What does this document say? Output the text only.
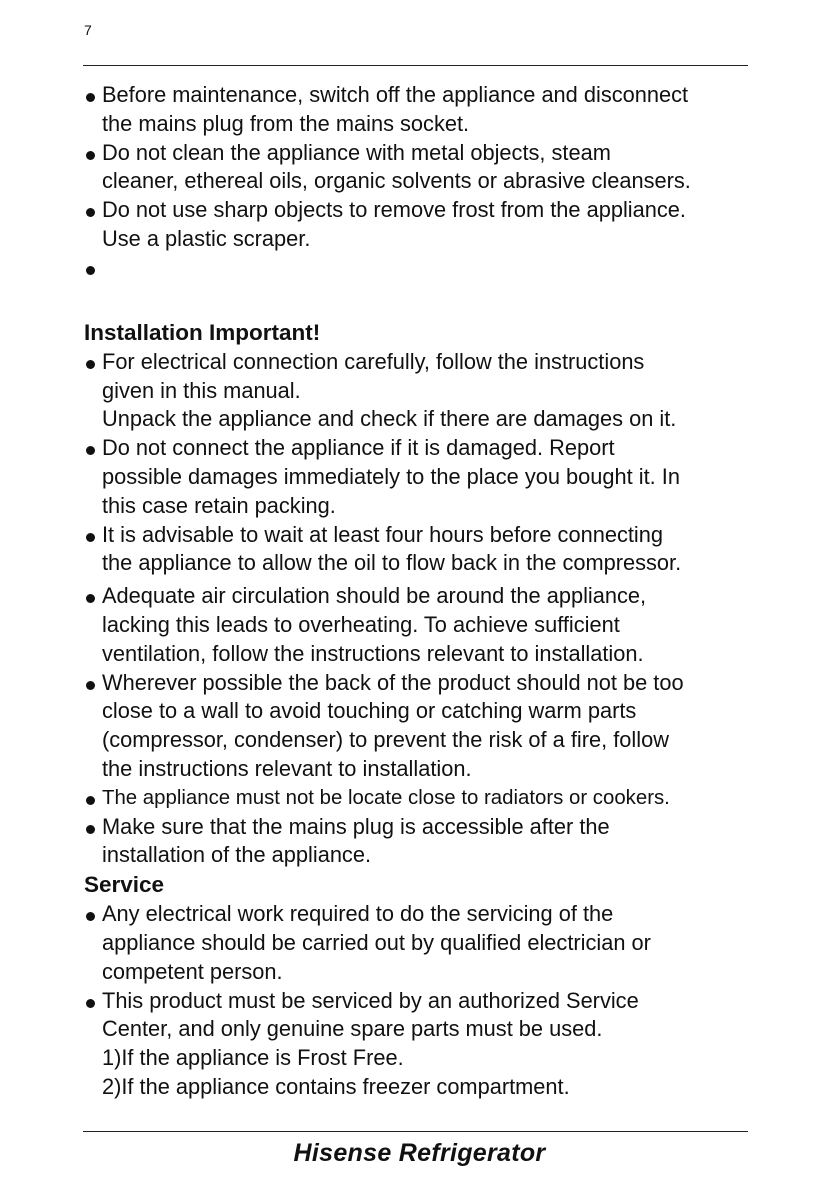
7
Before maintenance, switch off the appliance and disconnect
the mains plug from the mains socket.
Do not clean the appliance with metal objects, steam
cleaner, ethereal oils, organic solvents or abrasive cleansers.
Do not use sharp objects to remove frost from the appliance.
Use a plastic scraper.
Installation Important!
For electrical connection carefully, follow the instructions
given in this manual.
Unpack the appliance and check if there are damages on it.
Do not connect the appliance if it is damaged. Report
possible damages immediately to the place you bought it. In
this case retain packing.
It is advisable to wait at least four hours before connecting
the appliance to allow the oil to flow back in the compressor.
Adequate air circulation should be around the appliance,
lacking this leads to overheating. To achieve sufficient
ventilation, follow the instructions relevant to installation.
Wherever possible the back of the product should not be too
close to a wall to avoid touching or catching warm parts
(compressor, condenser) to prevent the risk of a fire, follow
the instructions relevant to installation.
The appliance must not be locate close to radiators or cookers.
Make sure that the mains plug is accessible after the
installation of the appliance.
Service
Any electrical work required to do the servicing of the
appliance should be carried out by qualified electrician or
competent person.
This product must be serviced by an authorized Service
Center, and only genuine spare parts must be used.
1)If the appliance is Frost Free.
2)If the appliance contains freezer compartment.
Hisense Refrigerator
